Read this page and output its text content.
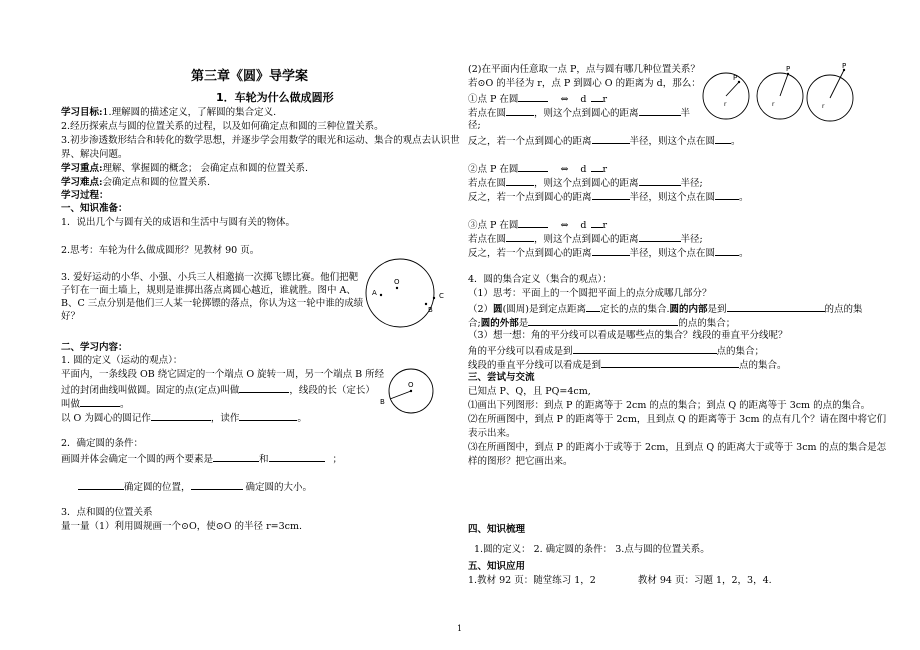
第三章《圆》导学案
1．车轮为什么做成圆形
学习目标:1.理解圆的描述定义，了解圆的集合定义.
2.经历探索点与圆的位置关系的过程，以及如何确定点和圆的三种位置关系。
3.初步渗透数形结合和转化的数学思想，并逐步学会用数学的眼光和运动、集合的观点去认识世
界、解决问题。
学习重点:理解、掌握圆的概念； 会确定点和圆的位置关系.
学习难点:会确定点和圆的位置关系.
学习过程：
一、知识准备：
1．说出几个与圆有关的成语和生活中与圆有关的物体。
2.思考：车轮为什么做成圆形？见教材 90 页。
3. 爱好运动的小华、小强、小兵三人相邀搞一次掷飞镖比赛。他们把靶
子钉在一面土墙上，规则是谁掷出落点离圆心越近，谁就胜。图中 A、
B、C 三点分别是他们三人某一轮掷镖的落点，你认为这一轮中谁的成绩
好？
O
A
B
C
二、学习内容：
1. 圆的定义（运动的观点）：
平面内，一条线段 OB 绕它固定的一个端点 O 旋转一周，另一个端点 B 所经
过的封闭曲线叫做圆。固定的点(定点)叫做	，线段的长（定长）
叫做	。
以 O 为圆心的圆记作	，读作	。
O
B
2．确定圆的条件：
画圆并体会确定一个圆的两个要素是	和	；
确定圆的位置，	确定圆的大小。
3．点和圆的位置关系
量一量（1）利用圆规画一个⊙O，使⊙O 的半径 r=3cm.
(2)在平面内任意取一点 P，点与圆有哪几种位置关系？
若⊙O 的半径为 r，点 P 到圆心 O 的距离为 d，那么：
①点 P 在圆	⇔ d r
若点在圆	，则这个点到圆心的距离	半
径;
反之，若一个点到圆心的距离	半径，则这个点在圆 。
②点 P 在圆	⇔ d r
若点在圆	，则这个点到圆心的距离	半径;
反之，若一个点到圆心的距离	半径，则这个点在圆	。
③点 P 在圆	⇔ d r
若点在圆	，则这个点到圆心的距离	半径;
反之，若一个点到圆心的距离	半径，则这个点在圆	。
P
r
P
r
P
r
4．圆的集合定义（集合的观点）：
（1）思考：平面上的一个圆把平面上的点分成哪几部分？
（2）圆(圆周)是到定点距离 定长的点的集合.圆的内部是到	的点的集
合;圆的外部是	的点的集合；
（3）想一想：角的平分线可以看成是哪些点的集合？线段的垂直平分线呢？
角的平分线可以看成是到	点的集合；
线段的垂直平分线可以看成是到	点的集合。
三、尝试与交流
已知点 P、Q，且 PQ=4cm,
⑴画出下列图形：到点 P 的距离等于 2cm 的点的集合；到点 Q 的距离等于 3cm 的点的集合。
⑵在所画图中，到点 P 的距离等于 2cm，且到点 Q 的距离等于 3cm 的点有几个？请在图中将它们
表示出来。
⑶在所画图中，到点 P 的距离小于或等于 2cm，且到点 Q 的距离大于或等于 3cm 的点的集合是怎
样的图形？把它画出来。
四、知识梳理
1.圆的定义： 2. 确定圆的条件： 3.点与圆的位置关系。
五、知识应用
1.教材 92 页：随堂练习 1，2	教材 94 页：习题 1，2，3，4.
1
